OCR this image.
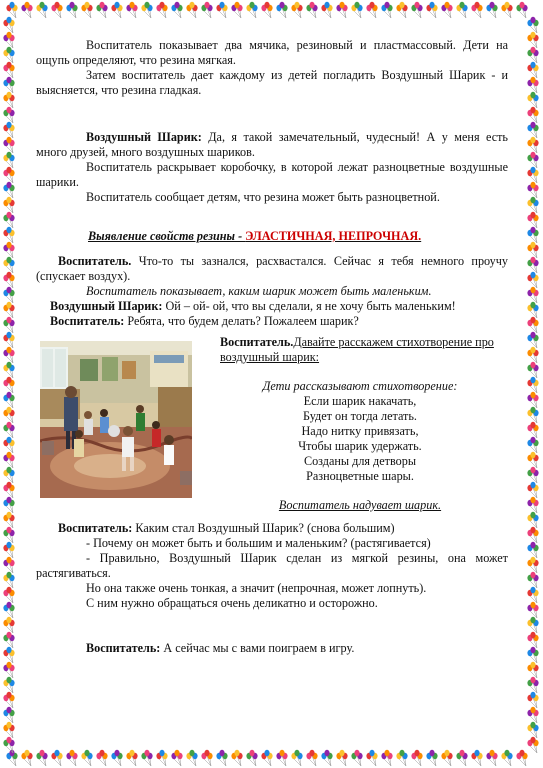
Воспитатель показывает два мячика, резиновый и пластмассовый. Дети на ощупь определяют, что резина мягкая.

Затем воспитатель дает каждому из детей погладить Воздушный Шарик - и выясняется, что резина гладкая.

Воздушный Шарик: Да, я такой замечательный, чудесный! А у меня есть много друзей, много воздушных шариков.

Воспитатель раскрывает коробочку, в которой лежат разноцветные воздушные шарики.

Воспитатель сообщает детям, что резина может быть разноцветной.

Выявление свойств резины - ЭЛАСТИЧНАЯ, НЕПРОЧНАЯ.

Воспитатель. Что-то ты зазнался, расхвастался. Сейчас я тебя немного проучу (спускает воздух).

Воспитатель показывает, каким шарик может быть маленьким.

Воздушный Шарик: Ой – ой- ой, что вы сделали, я не хочу быть маленьким!

Воспитатель: Ребята, что будем делать? Пожалеем шарик?

Воспитатель.Давайте расскажем стихотворение про воздушный шарик:

Дети рассказывают стихотворение:

Если шарик накачать,

Будет он тогда летать.

Надо нитку привязать,

Чтобы шарик удержать.

Созданы для детворы

Разноцветные шары.

Воспитатель надувает шарик.

Воспитатель: Каким стал Воздушный Шарик? (снова большим)

- Почему он может быть и большим и маленьким? (растягивается)

- Правильно, Воздушный Шарик сделан из мягкой резины, она может растягиваться.

Но она также очень тонкая, а значит (непрочная, может лопнуть).

С ним нужно обращаться очень деликатно и осторожно.

Воспитатель: А сейчас мы с вами поиграем в игру.
